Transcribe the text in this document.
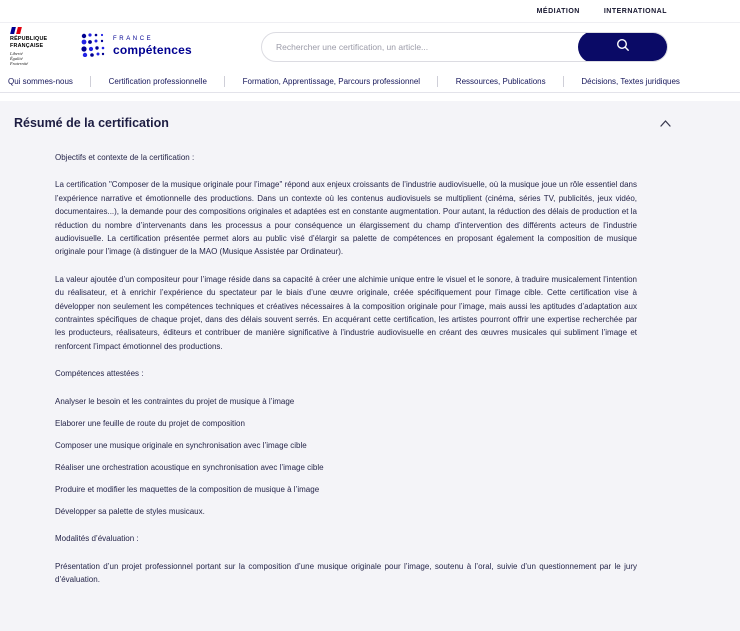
MÉDIATION	INTERNATIONAL
RÉPUBLIQUE
FRANÇAISE
Liberté
Égalité
Fraternité
FRANCE
compétences
Rechercher une certification, un article...
Qui sommes-nous	Certification professionnelle	Formation, Apprentissage, Parcours professionnel	Ressources, Publications	Décisions, Textes juridiques
Résumé de la certification

Objectifs et contexte de la certification :

La certification "Composer de la musique originale pour l’image" répond aux enjeux croissants de l’industrie audiovisuelle, où la musique joue un rôle essentiel dans l’expérience narrative et émotionnelle des productions. Dans un contexte où les contenus audiovisuels se multiplient (cinéma, séries TV, publicités, jeux vidéo, documentaires...), la demande pour des compositions originales et adaptées est en constante augmentation. Pour autant, la réduction des délais de production et la réduction du nombre d’intervenants dans les processus a pour conséquence un élargissement du champ d’intervention des différents acteurs de l’industrie audiovisuelle. La certification présentée permet alors au public visé d’élargir sa palette de compétences en proposant également la composition de musique originale pour l’image (à distinguer de la MAO (Musique Assistée par Ordinateur).

La valeur ajoutée d’un compositeur pour l’image réside dans sa capacité à créer une alchimie unique entre le visuel et le sonore, à traduire musicalement l’intention du réalisateur, et à enrichir l’expérience du spectateur par le biais d’une œuvre originale, créée spécifiquement pour l’image cible. Cette certification vise à développer non seulement les compétences techniques et créatives nécessaires à la composition originale pour l’image, mais aussi les aptitudes d’adaptation aux contraintes spécifiques de chaque projet, dans des délais souvent serrés. En acquérant cette certification, les artistes pourront offrir une expertise recherchée par les producteurs, réalisateurs, éditeurs et contribuer de manière significative à l’industrie audiovisuelle en créant des œuvres musicales qui subliment l’image et renforcent l’impact émotionnel des productions.

Compétences attestées :

Analyser le besoin et les contraintes du projet de musique à l’image

Elaborer une feuille de route du projet de composition

Composer une musique originale en synchronisation avec l’image cible

Réaliser une orchestration acoustique en synchronisation avec l’image cible

Produire et modifier les maquettes de la composition de musique à l’image

Développer sa palette de styles musicaux.

Modalités d’évaluation :

Présentation d’un projet professionnel portant sur la composition d’une musique originale pour l’image, soutenu à l’oral, suivie d’un questionnement par le jury d’évaluation.
